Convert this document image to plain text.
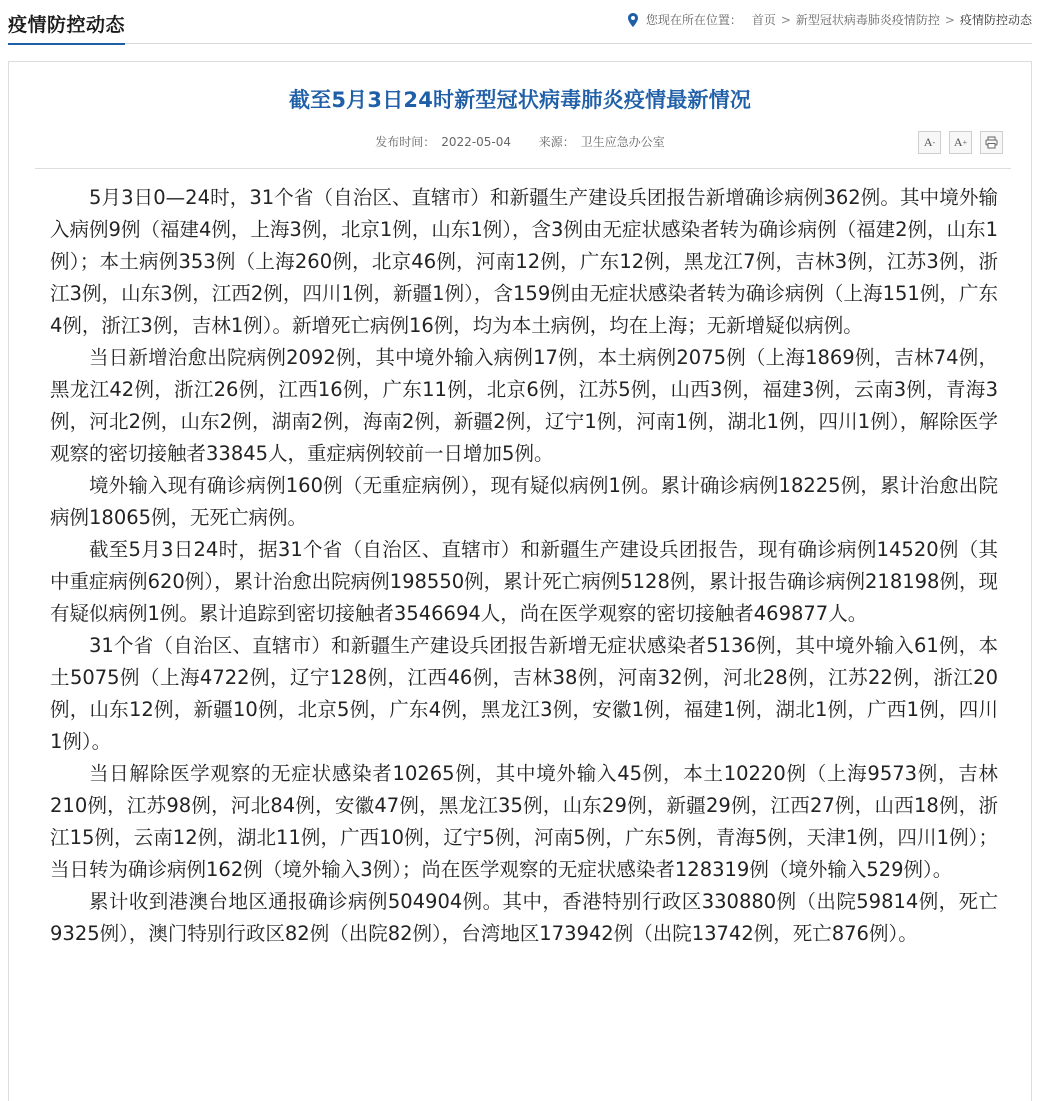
疫情防控动态	您现在所在位置： 首页 > 新型冠状病毒肺炎疫情防控 > 疫情防控动态
截至5月3日24时新型冠状病毒肺炎疫情最新情况
发布时间： 2022-05-04 来源： 卫生应急办公室	A - A +

5月3日0—24时，31个省（自治区、直辖市）和新疆生产建设兵团报告新增确诊病例362例。其中境外输入病例9例（福建4例，上海3例，北京1例，山东1例），含3例由无症状感染者转为确诊病例（福建2例，山东1例）；本土病例353例（上海260例，北京46例，河南12例，广东12例，黑龙江7例，吉林3例，江苏3例，浙江3例，山东3例，江西2例，四川1例，新疆1例），含159例由无症状感染者转为确诊病例（上海151例，广东4例，浙江3例，吉林1例）。新增死亡病例16例，均为本土病例，均在上海；无新增疑似病例。

当日新增治愈出院病例2092例，其中境外输入病例17例，本土病例2075例（上海1869例，吉林74例，黑龙江42例，浙江26例，江西16例，广东11例，北京6例，江苏5例，山西3例，福建3例，云南3例，青海3例，河北2例，山东2例，湖南2例，海南2例，新疆2例，辽宁1例，河南1例，湖北1例，四川1例），解除医学观察的密切接触者33845人，重症病例较前一日增加5例。

境外输入现有确诊病例160例（无重症病例），现有疑似病例1例。累计确诊病例18225例，累计治愈出院病例18065例，无死亡病例。

截至5月3日24时，据31个省（自治区、直辖市）和新疆生产建设兵团报告，现有确诊病例14520例（其中重症病例620例），累计治愈出院病例198550例，累计死亡病例5128例，累计报告确诊病例218198例，现有疑似病例1例。累计追踪到密切接触者3546694人，尚在医学观察的密切接触者469877人。

31个省（自治区、直辖市）和新疆生产建设兵团报告新增无症状感染者5136例，其中境外输入61例，本土5075例（上海4722例，辽宁128例，江西46例，吉林38例，河南32例，河北28例，江苏22例，浙江20例，山东12例，新疆10例，北京5例，广东4例，黑龙江3例，安徽1例，福建1例，湖北1例，广西1例，四川1例）。

当日解除医学观察的无症状感染者10265例，其中境外输入45例，本土10220例（上海9573例，吉林210例，江苏98例，河北84例，安徽47例，黑龙江35例，山东29例，新疆29例，江西27例，山西18例，浙江15例，云南12例，湖北11例，广西10例，辽宁5例，河南5例，广东5例，青海5例，天津1例，四川1例）；当日转为确诊病例162例（境外输入3例）；尚在医学观察的无症状感染者128319例（境外输入529例）。

累计收到港澳台地区通报确诊病例504904例。其中，香港特别行政区330880例（出院59814例，死亡9325例），澳门特别行政区82例（出院82例），台湾地区173942例（出院13742例，死亡876例）。
